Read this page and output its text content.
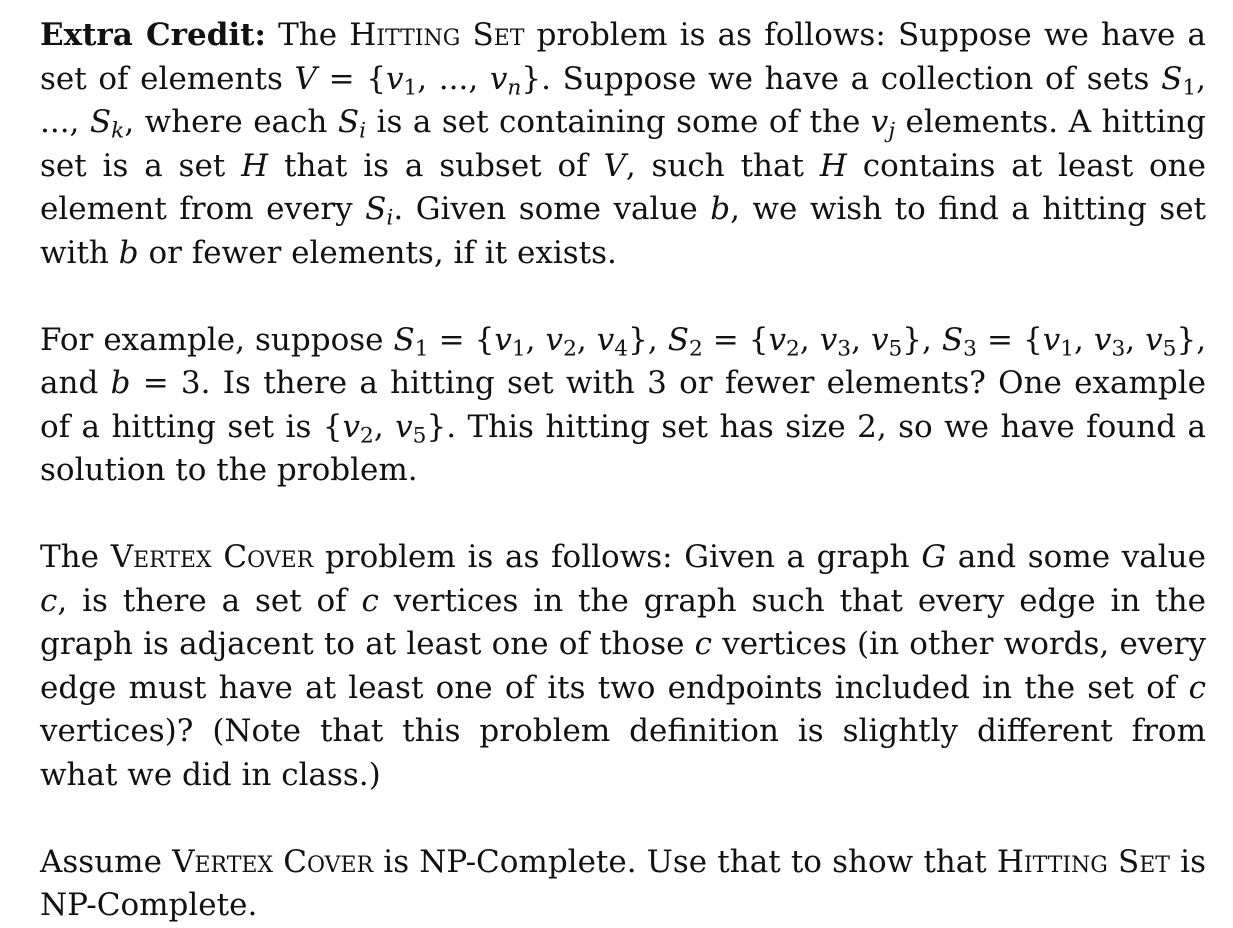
Extra Credit: The Hitting Set problem is as follows: Suppose we have a set of elements $V = \{v_1$, ..., $v_n$}. Suppose we have a collection of sets $S_1$, ..., $S_k$, where each $S_i$ is a set containing some of the $v_j$ elements. A hitting set is a set H that is a subset of V, such that H contains at least one element from every $S_i$. Given some value b, we wish to find a hitting set with b or fewer elements, if it exists.

For example, suppose $S_1 = \{v_1$, $v_2$, $v_4$}, $S_2 = \{v_2$, $v_3$, $v_5$}, $S_3 = \{v_1$, $v_3$, $v_5$}, and b = 3. Is there a hitting set with 3 or fewer elements? One example of a hitting set is {$v_2$, $v_5$}. This hitting set has size 2, so we have found a solution to the problem.

The Vertex Cover problem is as follows: Given a graph G and some value c, is there a set of c vertices in the graph such that every edge in the graph is adjacent to at least one of those c vertices (in other words, every edge must have at least one of its two endpoints included in the set of c vertices)? (Note that this problem definition is slightly different from what we did in class.)

Assume Vertex Cover is NP-Complete. Use that to show that Hitting Set is NP-Complete.
